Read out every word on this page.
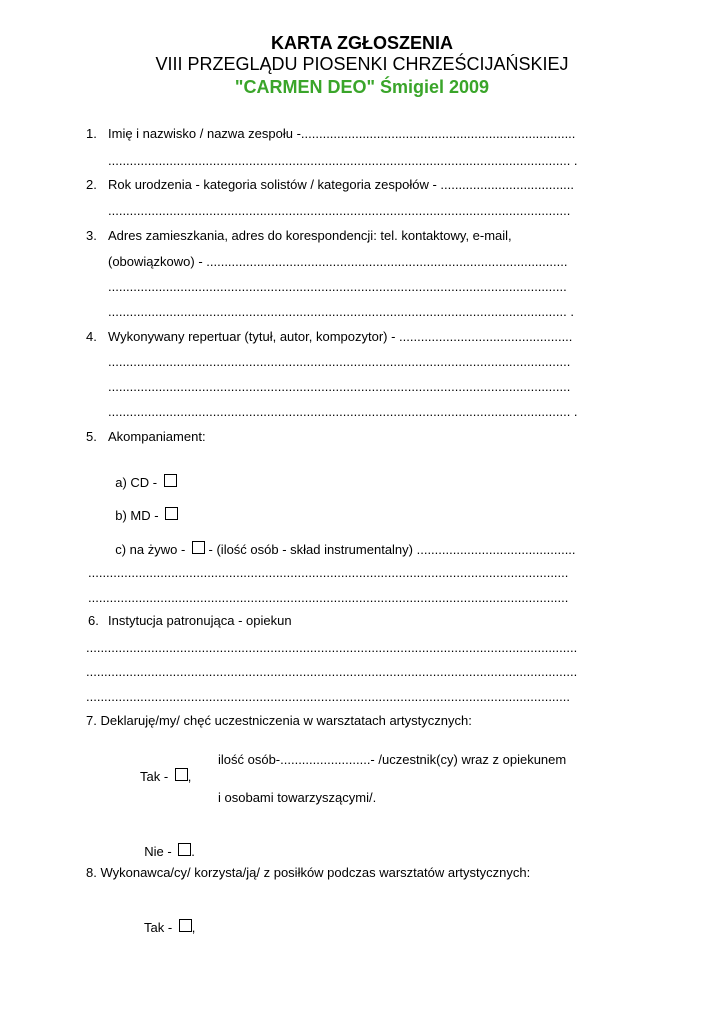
KARTA ZGŁOSZENIA
VIII PRZEGLĄDU PIOSENKI CHRZEŚCIJAŃSKIEJ
"CARMEN DEO" Śmigiel 2009
1. Imię i nazwisko / nazwa zespołu -............................................................................
................................................................................................................................ .
2. Rok urodzenia - kategoria solistów / kategoria zespołów - .....................................
................................................................................................................................
3. Adres zamieszkania, adres do korespondencji: tel. kontaktowy, e-mail,
(obowiązkowo) - ....................................................................................................
...............................................................................................................................
............................................................................................................................... .
4. Wykonywany repertuar (tytuł, autor, kompozytor) - ................................................
................................................................................................................................
................................................................................................................................
................................................................................................................................ .
5. Akompaniament:

a) CD -

b) MD -

c) na żywo -  - (ilość osób - skład instrumentalny) ............................................

.....................................................................................................................................
.....................................................................................................................................
6. Instytucja patronująca - opiekun
........................................................................................................................................
........................................................................................................................................
......................................................................................................................................
7. Deklaruję/my/ chęć uczestniczenia w warsztatach artystycznych:

Tak - ,

ilość osób-.........................- /uczestnik(cy) wraz z opiekunem
i osobami towarzyszącymi/.

Nie - .

8. Wykonawca/cy/ korzysta/ją/ z posiłków podczas warsztatów artystycznych:

Tak - ,
